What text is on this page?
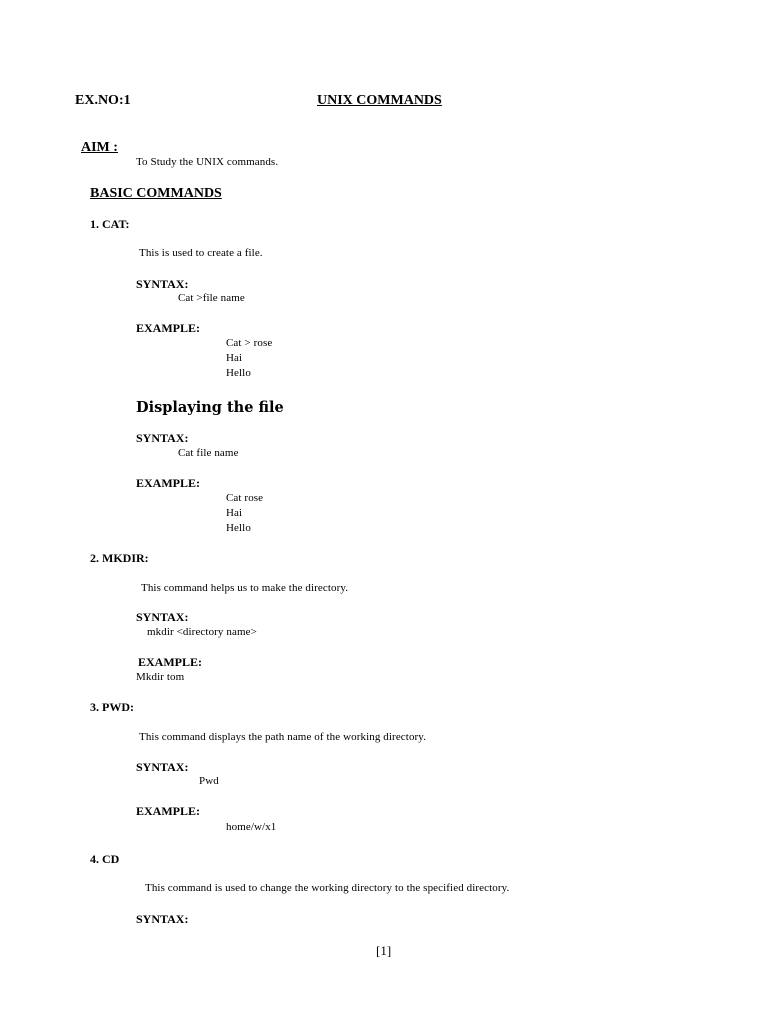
EX.NO:1	UNIX COMMANDS
AIM :
To Study the UNIX commands.
BASIC COMMANDS
1. CAT:
This is used to create a file.
SYNTAX:
Cat >file name
EXAMPLE:
Cat > rose
Hai
Hello
Displaying the file
SYNTAX:
Cat file name
EXAMPLE:
Cat rose
Hai
Hello
2. MKDIR:
This command helps us to make the directory.
SYNTAX:
mkdir <directory name>
EXAMPLE:
Mkdir tom
3. PWD:
This command displays the path name of the working directory.
SYNTAX:
Pwd
EXAMPLE:
home/w/x1
4. CD
This command is used to change the working directory to the specified directory.
SYNTAX:
[1]
